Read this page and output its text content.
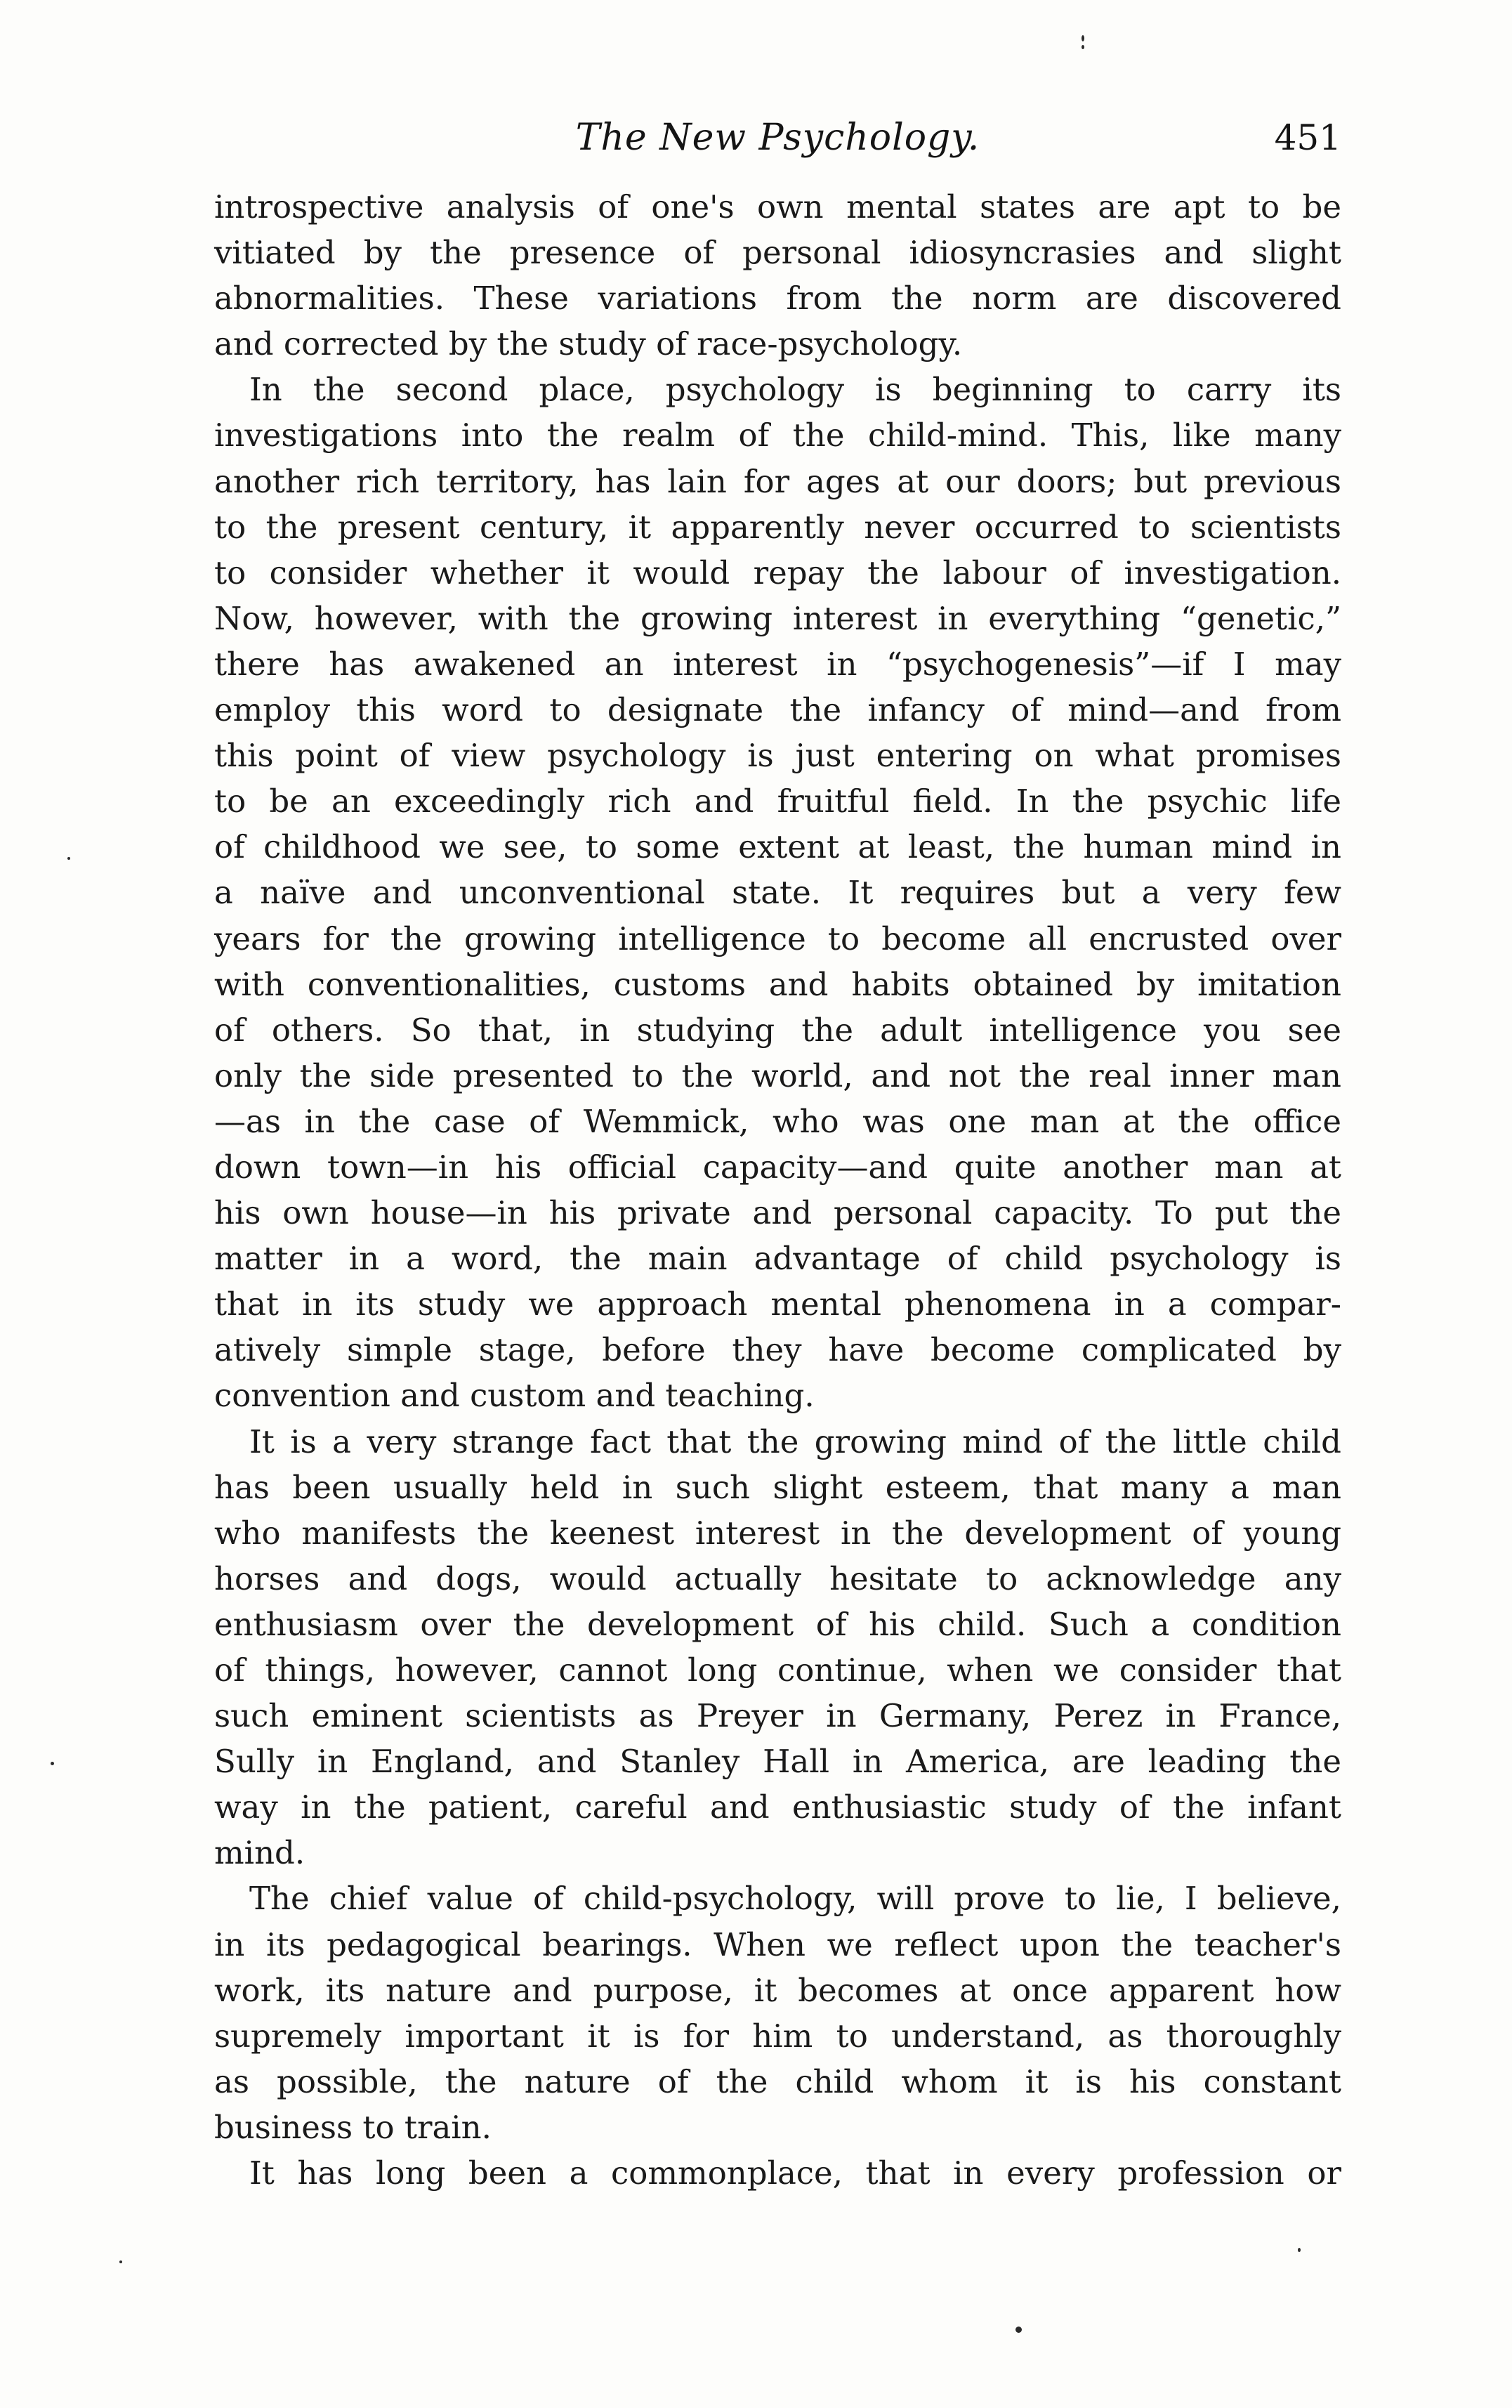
The New Psychology.	451
introspective analysis of one's own mental states are apt to be
vitiated by the presence of personal idiosyncrasies and slight
abnormalities. These variations from the norm are discovered
and corrected by the study of race-psychology.
In the second place, psychology is beginning to carry its
investigations into the realm of the child-mind. This, like many
another rich territory, has lain for ages at our doors; but previous
to the present century, it apparently never occurred to scientists
to consider whether it would repay the labour of investigation.
Now, however, with the growing interest in everything “genetic,”
there has awakened an interest in “psychogenesis”—if I may
employ this word to designate the infancy of mind—and from
this point of view psychology is just entering on what promises
to be an exceedingly rich and fruitful field. In the psychic life
of childhood we see, to some extent at least, the human mind in
a naïve and unconventional state. It requires but a very few
years for the growing intelligence to become all encrusted over
with conventionalities, customs and habits obtained by imitation
of others. So that, in studying the adult intelligence you see
only the side presented to the world, and not the real inner man
—as in the case of Wemmick, who was one man at the office
down town—in his official capacity—and quite another man at
his own house—in his private and personal capacity. To put the
matter in a word, the main advantage of child psychology is
that in its study we approach mental phenomena in a compar-
atively simple stage, before they have become complicated by
convention and custom and teaching.
It is a very strange fact that the growing mind of the little child
has been usually held in such slight esteem, that many a man
who manifests the keenest interest in the development of young
horses and dogs, would actually hesitate to acknowledge any
enthusiasm over the development of his child. Such a condition
of things, however, cannot long continue, when we consider that
such eminent scientists as Preyer in Germany, Perez in France,
Sully in England, and Stanley Hall in America, are leading the
way in the patient, careful and enthusiastic study of the infant
mind.
The chief value of child-psychology, will prove to lie, I believe,
in its pedagogical bearings. When we reflect upon the teacher's
work, its nature and purpose, it becomes at once apparent how
supremely important it is for him to understand, as thoroughly
as possible, the nature of the child whom it is his constant
business to train.
It has long been a commonplace, that in every profession or
